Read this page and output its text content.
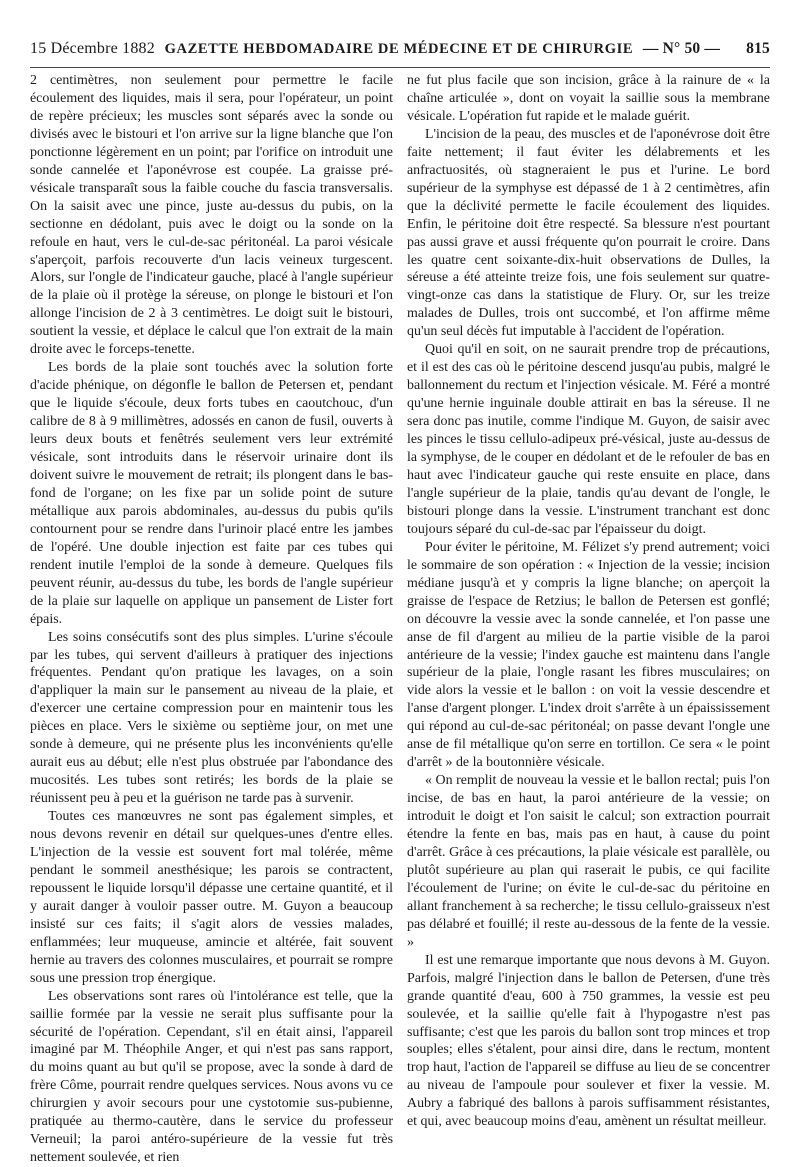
15 Décembre 1882 GAZETTE HEBDOMADAIRE DE MÉDECINE ET DE CHIRURGIE — N° 50 — 815

2 centimètres, non seulement pour permettre le facile écoulement des liquides, mais il sera, pour l'opérateur, un point de repère précieux; les muscles sont séparés avec la sonde ou divisés avec le bistouri et l'on arrive sur la ligne blanche que l'on ponctionne légèrement en un point; par l'orifice on introduit une sonde cannelée et l'aponévrose est coupée. La graisse pré-vésicale transparaît sous la faible couche du fascia transversalis. On la saisit avec une pince, juste au-dessus du pubis, on la sectionne en dédolant, puis avec le doigt ou la sonde on la refoule en haut, vers le cul-de-sac péritonéal. La paroi vésicale s'aperçoit, parfois recouverte d'un lacis veineux turgescent. Alors, sur l'ongle de l'indicateur gauche, placé à l'angle supérieur de la plaie où il protège la séreuse, on plonge le bistouri et l'on allonge l'incision de 2 à 3 centimètres. Le doigt suit le bistouri, soutient la vessie, et déplace le calcul que l'on extrait de la main droite avec le forceps-tenette.

Les bords de la plaie sont touchés avec la solution forte d'acide phénique, on dégonfle le ballon de Petersen et, pendant que le liquide s'écoule, deux forts tubes en caoutchouc, d'un calibre de 8 à 9 millimètres, adossés en canon de fusil, ouverts à leurs deux bouts et fenêtrés seulement vers leur extrémité vésicale, sont introduits dans le réservoir urinaire dont ils doivent suivre le mouvement de retrait; ils plongent dans le bas-fond de l'organe; on les fixe par un solide point de suture métallique aux parois abdominales, au-dessus du pubis qu'ils contournent pour se rendre dans l'urinoir placé entre les jambes de l'opéré. Une double injection est faite par ces tubes qui rendent inutile l'emploi de la sonde à demeure. Quelques fils peuvent réunir, au-dessus du tube, les bords de l'angle supérieur de la plaie sur laquelle on applique un pansement de Lister fort épais.

Les soins consécutifs sont des plus simples. L'urine s'écoule par les tubes, qui servent d'ailleurs à pratiquer des injections fréquentes. Pendant qu'on pratique les lavages, on a soin d'appliquer la main sur le pansement au niveau de la plaie, et d'exercer une certaine compression pour en maintenir tous les pièces en place. Vers le sixième ou septième jour, on met une sonde à demeure, qui ne présente plus les inconvénients qu'elle aurait eus au début; elle n'est plus obstruée par l'abondance des mucosités. Les tubes sont retirés; les bords de la plaie se réunissent peu à peu et la guérison ne tarde pas à survenir.

Toutes ces manœuvres ne sont pas également simples, et nous devons revenir en détail sur quelques-unes d'entre elles. L'injection de la vessie est souvent fort mal tolérée, même pendant le sommeil anesthésique; les parois se contractent, repoussent le liquide lorsqu'il dépasse une certaine quantité, et il y aurait danger à vouloir passer outre. M. Guyon a beaucoup insisté sur ces faits; il s'agit alors de vessies malades, enflammées; leur muqueuse, amincie et altérée, fait souvent hernie au travers des colonnes musculaires, et pourrait se rompre sous une pression trop énergique.

Les observations sont rares où l'intolérance est telle, que la saillie formée par la vessie ne serait plus suffisante pour la sécurité de l'opération. Cependant, s'il en était ainsi, l'appareil imaginé par M. Théophile Anger, et qui n'est pas sans rapport, du moins quant au but qu'il se propose, avec la sonde à dard de frère Côme, pourrait rendre quelques services. Nous avons vu ce chirurgien y avoir secours pour une cystotomie sus-pubienne, pratiquée au thermo-cautère, dans le service du professeur Verneuil; la paroi antéro-supérieure de la vessie fut très nettement soulevée, et rien

ne fut plus facile que son incision, grâce à la rainure de « la chaîne articulée », dont on voyait la saillie sous la membrane vésicale. L'opération fut rapide et le malade guérit.

L'incision de la peau, des muscles et de l'aponévrose doit être faite nettement; il faut éviter les délabrements et les anfractuosités, où stagneraient le pus et l'urine. Le bord supérieur de la symphyse est dépassé de 1 à 2 centimètres, afin que la déclivité permette le facile écoulement des liquides. Enfin, le péritoine doit être respecté. Sa blessure n'est pourtant pas aussi grave et aussi fréquente qu'on pourrait le croire. Dans les quatre cent soixante-dix-huit observations de Dulles, la séreuse a été atteinte treize fois, une fois seulement sur quatre-vingt-onze cas dans la statistique de Flury. Or, sur les treize malades de Dulles, trois ont succombé, et l'on affirme même qu'un seul décès fut imputable à l'accident de l'opération.

Quoi qu'il en soit, on ne saurait prendre trop de précautions, et il est des cas où le péritoine descend jusqu'au pubis, malgré le ballonnement du rectum et l'injection vésicale. M. Féré a montré qu'une hernie inguinale double attirait en bas la séreuse. Il ne sera donc pas inutile, comme l'indique M. Guyon, de saisir avec les pinces le tissu cellulo-adipeux pré-vésical, juste au-dessus de la symphyse, de le couper en dédolant et de le refouler de bas en haut avec l'indicateur gauche qui reste ensuite en place, dans l'angle supérieur de la plaie, tandis qu'au devant de l'ongle, le bistouri plonge dans la vessie. L'instrument tranchant est donc toujours séparé du cul-de-sac par l'épaisseur du doigt.

Pour éviter le péritoine, M. Félizet s'y prend autrement; voici le sommaire de son opération : « Injection de la vessie; incision médiane jusqu'à et y compris la ligne blanche; on aperçoit la graisse de l'espace de Retzius; le ballon de Petersen est gonflé; on découvre la vessie avec la sonde cannelée, et l'on passe une anse de fil d'argent au milieu de la partie visible de la paroi antérieure de la vessie; l'index gauche est maintenu dans l'angle supérieur de la plaie, l'ongle rasant les fibres musculaires; on vide alors la vessie et le ballon : on voit la vessie descendre et l'anse d'argent plonger. L'index droit s'arrête à un épaississement qui répond au cul-de-sac péritonéal; on passe devant l'ongle une anse de fil métallique qu'on serre en tortillon. Ce sera « le point d'arrêt » de la boutonnière vésicale.

« On remplit de nouveau la vessie et le ballon rectal; puis l'on incise, de bas en haut, la paroi antérieure de la vessie; on introduit le doigt et l'on saisit le calcul; son extraction pourrait étendre la fente en bas, mais pas en haut, à cause du point d'arrêt. Grâce à ces précautions, la plaie vésicale est parallèle, ou plutôt supérieure au plan qui raserait le pubis, ce qui facilite l'écoulement de l'urine; on évite le cul-de-sac du péritoine en allant franchement à sa recherche; le tissu cellulo-graisseux n'est pas délabré et fouillé; il reste au-dessous de la fente de la vessie. »

Il est une remarque importante que nous devons à M. Guyon. Parfois, malgré l'injection dans le ballon de Petersen, d'une très grande quantité d'eau, 600 à 750 grammes, la vessie est peu soulevée, et la saillie qu'elle fait à l'hypogastre n'est pas suffisante; c'est que les parois du ballon sont trop minces et trop souples; elles s'étalent, pour ainsi dire, dans le rectum, montent trop haut, l'action de l'appareil se diffuse au lieu de se concentrer au niveau de l'ampoule pour soulever et fixer la vessie. M. Aubry a fabriqué des ballons à parois suffisamment résistantes, et qui, avec beaucoup moins d'eau, amènent un résultat meilleur.
